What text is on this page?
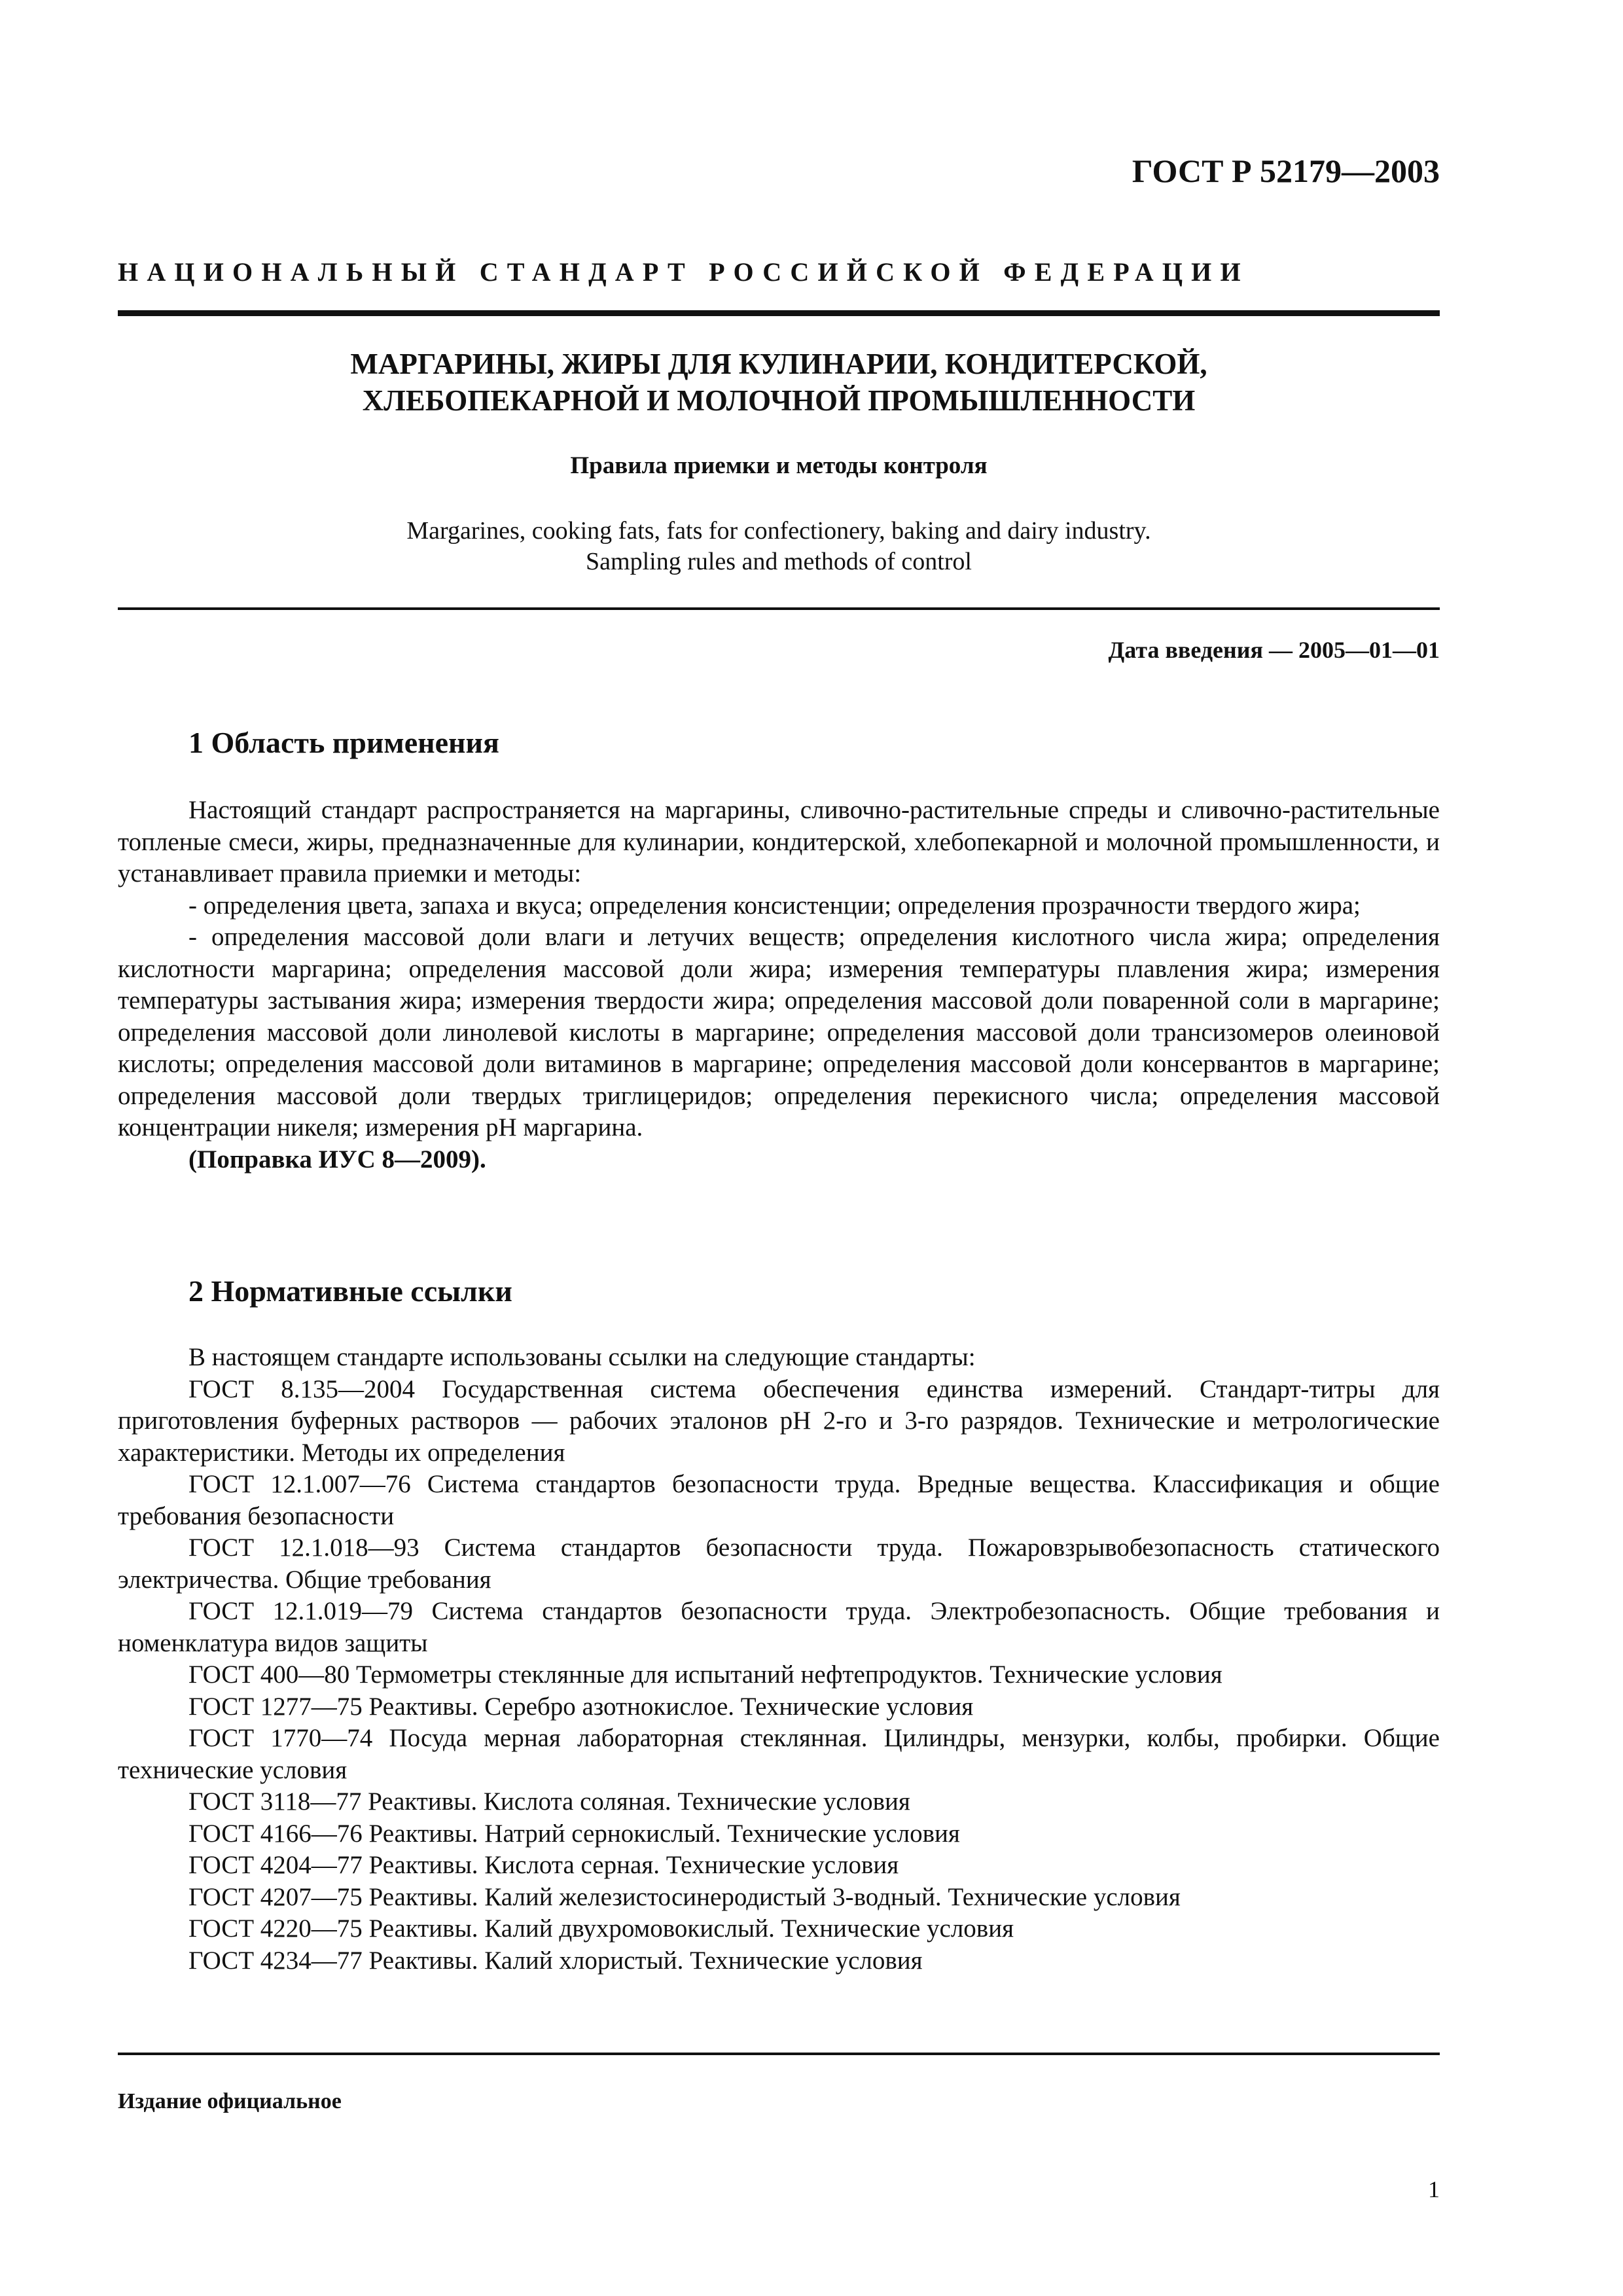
ГОСТ Р 52179—2003
НАЦИОНАЛЬНЫЙ СТАНДАРТ РОССИЙСКОЙ ФЕДЕРАЦИИ
МАРГАРИНЫ, ЖИРЫ ДЛЯ КУЛИНАРИИ, КОНДИТЕРСКОЙ,
ХЛЕБОПЕКАРНОЙ И МОЛОЧНОЙ ПРОМЫШЛЕННОСТИ
Правила приемки и методы контроля
Margarines, cooking fats, fats for confectionery, baking and dairy industry.
Sampling rules and methods of control
Дата введения — 2005—01—01
1 Область применения

Настоящий стандарт распространяется на маргарины, сливочно-растительные спреды и сливочно-растительные топленые смеси, жиры, предназначенные для кулинарии, кондитерской, хлебопекарной и молочной промышленности, и устанавливает правила приемки и методы:

- определения цвета, запаха и вкуса; определения консистенции; определения прозрачности твердого жира;

- определения массовой доли влаги и летучих веществ; определения кислотного числа жира; определения кислотности маргарина; определения массовой доли жира; измерения температуры плавления жира; измерения температуры застывания жира; измерения твердости жира; определения массовой доли поваренной соли в маргарине; определения массовой доли линолевой кислоты в маргарине; определения массовой доли трансизомеров олеиновой кислоты; определения массовой доли витаминов в маргарине; определения массовой доли консервантов в маргарине; определения массовой доли твердых триглицеридов; определения перекисного числа; определения массовой концентрации никеля; измерения pH маргарина.

(Поправка ИУС 8—2009).

2 Нормативные ссылки

В настоящем стандарте использованы ссылки на следующие стандарты:

ГОСТ 8.135—2004 Государственная система обеспечения единства измерений. Стандарт-титры для приготовления буферных растворов — рабочих эталонов pH 2-го и 3-го разрядов. Технические и метрологические характеристики. Методы их определения

ГОСТ 12.1.007—76 Система стандартов безопасности труда. Вредные вещества. Классификация и общие требования безопасности

ГОСТ 12.1.018—93 Система стандартов безопасности труда. Пожаровзрывобезопасность статического электричества. Общие требования

ГОСТ 12.1.019—79 Система стандартов безопасности труда. Электробезопасность. Общие требования и номенклатура видов защиты

ГОСТ 400—80 Термометры стеклянные для испытаний нефтепродуктов. Технические условия

ГОСТ 1277—75 Реактивы. Серебро азотнокислое. Технические условия

ГОСТ 1770—74 Посуда мерная лабораторная стеклянная. Цилиндры, мензурки, колбы, пробирки. Общие технические условия

ГОСТ 3118—77 Реактивы. Кислота соляная. Технические условия

ГОСТ 4166—76 Реактивы. Натрий сернокислый. Технические условия

ГОСТ 4204—77 Реактивы. Кислота серная. Технические условия

ГОСТ 4207—75 Реактивы. Калий железистосинеродистый 3-водный. Технические условия

ГОСТ 4220—75 Реактивы. Калий двухромовокислый. Технические условия

ГОСТ 4234—77 Реактивы. Калий хлористый. Технические условия

Издание официальное
1
